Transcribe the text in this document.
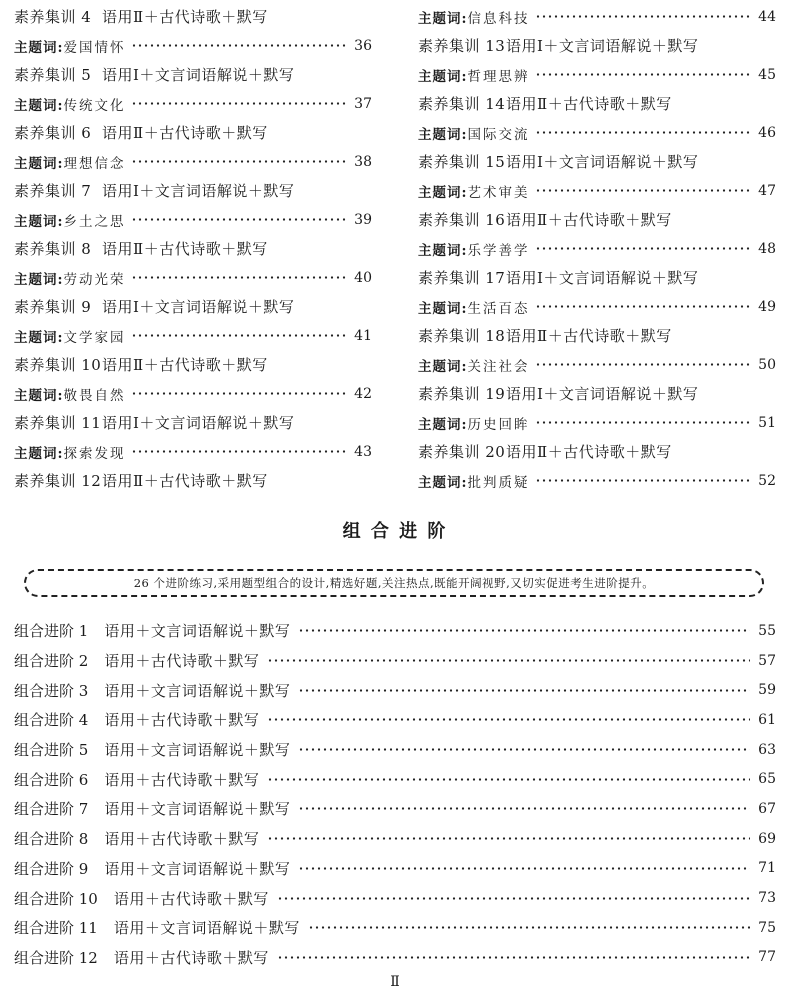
素养集训 4 语用Ⅱ＋古代诗歌＋默写
主题词: 爱国情怀	36
素养集训 5 语用Ⅰ＋文言词语解说＋默写
主题词: 传统文化	37
素养集训 6 语用Ⅱ＋古代诗歌＋默写
主题词: 理想信念	38
素养集训 7 语用Ⅰ＋文言词语解说＋默写
主题词: 乡土之思	39
素养集训 8 语用Ⅱ＋古代诗歌＋默写
主题词: 劳动光荣	40
素养集训 9 语用Ⅰ＋文言词语解说＋默写
主题词: 文学家园	41
素养集训 10 语用Ⅱ＋古代诗歌＋默写
主题词: 敬畏自然	42
素养集训 11 语用Ⅰ＋文言词语解说＋默写
主题词: 探索发现	43
素养集训 12 语用Ⅱ＋古代诗歌＋默写
主题词: 信息科技	44
素养集训 13 语用Ⅰ＋文言词语解说＋默写
主题词: 哲理思辨	45
素养集训 14 语用Ⅱ＋古代诗歌＋默写
主题词: 国际交流	46
素养集训 15 语用Ⅰ＋文言词语解说＋默写
主题词: 艺术审美	47
素养集训 16 语用Ⅱ＋古代诗歌＋默写
主题词: 乐学善学	48
素养集训 17 语用Ⅰ＋文言词语解说＋默写
主题词: 生活百态	49
素养集训 18 语用Ⅱ＋古代诗歌＋默写
主题词: 关注社会	50
素养集训 19 语用Ⅰ＋文言词语解说＋默写
主题词: 历史回眸	51
素养集训 20 语用Ⅱ＋古代诗歌＋默写
主题词: 批判质疑	52
组 合 进 阶
26 个进阶练习,采用题型组合的设计,精选好题,关注热点,既能开阔视野,又切实促进考生进阶提升。
组合进阶 1 语用＋文言词语解说＋默写	55
组合进阶 2 语用＋古代诗歌＋默写	57
组合进阶 3 语用＋文言词语解说＋默写	59
组合进阶 4 语用＋古代诗歌＋默写	61
组合进阶 5 语用＋文言词语解说＋默写	63
组合进阶 6 语用＋古代诗歌＋默写	65
组合进阶 7 语用＋文言词语解说＋默写	67
组合进阶 8 语用＋古代诗歌＋默写	69
组合进阶 9 语用＋文言词语解说＋默写	71
组合进阶 10 语用＋古代诗歌＋默写	73
组合进阶 11 语用＋文言词语解说＋默写	75
组合进阶 12 语用＋古代诗歌＋默写	77
Ⅱ
